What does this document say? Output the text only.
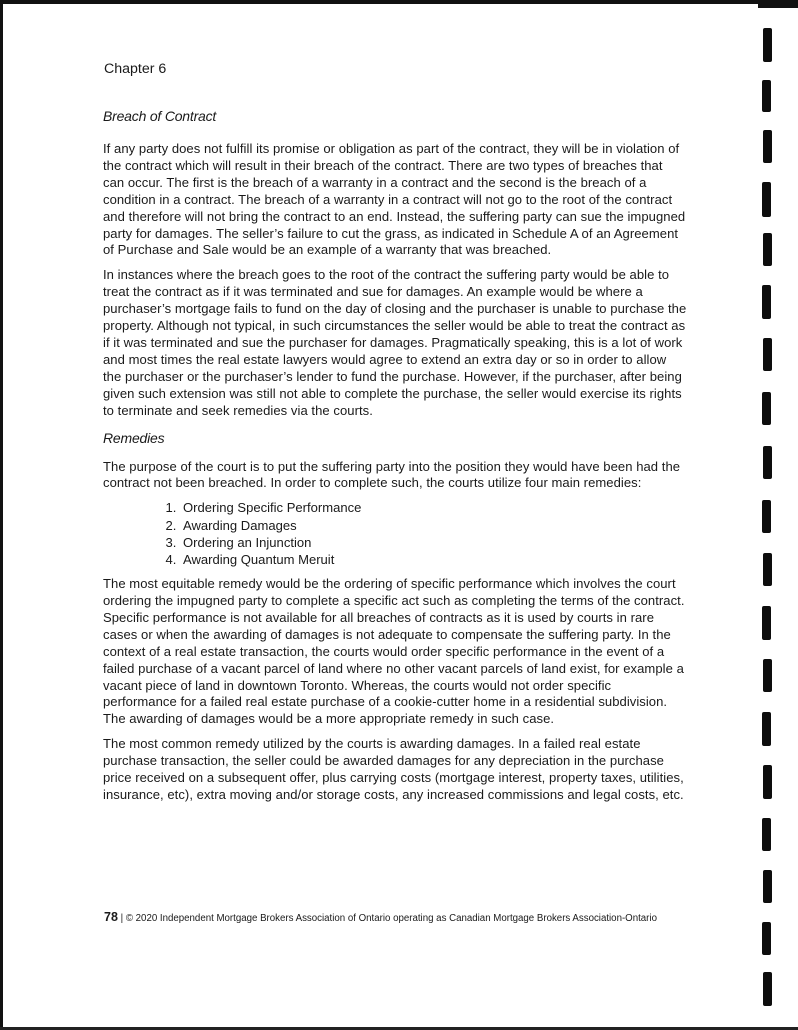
Chapter 6
Breach of Contract

If any party does not fulfill its promise or obligation as part of the contract, they will be in violation of the contract which will result in their breach of the contract. There are two types of breaches that can occur. The first is the breach of a warranty in a contract and the second is the breach of a condition in a contract. The breach of a warranty in a contract will not go to the root of the contract and therefore will not bring the contract to an end. Instead, the suffering party can sue the impugned party for damages. The seller’s failure to cut the grass, as indicated in Schedule A of an Agreement of Purchase and Sale would be an example of a warranty that was breached.

In instances where the breach goes to the root of the contract the suffering party would be able to treat the contract as if it was terminated and sue for damages. An example would be where a purchaser’s mortgage fails to fund on the day of closing and the purchaser is unable to purchase the property. Although not typical, in such circumstances the seller would be able to treat the contract as if it was terminated and sue the purchaser for damages. Pragmatically speaking, this is a lot of work and most times the real estate lawyers would agree to extend an extra day or so in order to allow the purchaser or the purchaser’s lender to fund the purchase. However, if the purchaser, after being given such extension was still not able to complete the purchase, the seller would exercise its rights to terminate and seek remedies via the courts.

Remedies

The purpose of the court is to put the suffering party into the position they would have been had the contract not been breached. In order to complete such, the courts utilize four main remedies:

1. Ordering Specific Performance
2. Awarding Damages
3. Ordering an Injunction
4. Awarding Quantum Meruit

The most equitable remedy would be the ordering of specific performance which involves the court ordering the impugned party to complete a specific act such as completing the terms of the contract. Specific performance is not available for all breaches of contracts as it is used by courts in rare cases or when the awarding of damages is not adequate to compensate the suffering party. In the context of a real estate transaction, the courts would order specific performance in the event of a failed purchase of a vacant parcel of land where no other vacant parcels of land exist, for example a vacant piece of land in downtown Toronto. Whereas, the courts would not order specific performance for a failed real estate purchase of a cookie-cutter home in a residential subdivision. The awarding of damages would be a more appropriate remedy in such case.

The most common remedy utilized by the courts is awarding damages. In a failed real estate purchase transaction, the seller could be awarded damages for any depreciation in the purchase price received on a subsequent offer, plus carrying costs (mortgage interest, property taxes, utilities, insurance, etc), extra moving and/or storage costs, any increased commissions and legal costs, etc.

78 | © 2020 Independent Mortgage Brokers Association of Ontario operating as Canadian Mortgage Brokers Association-Ontario
